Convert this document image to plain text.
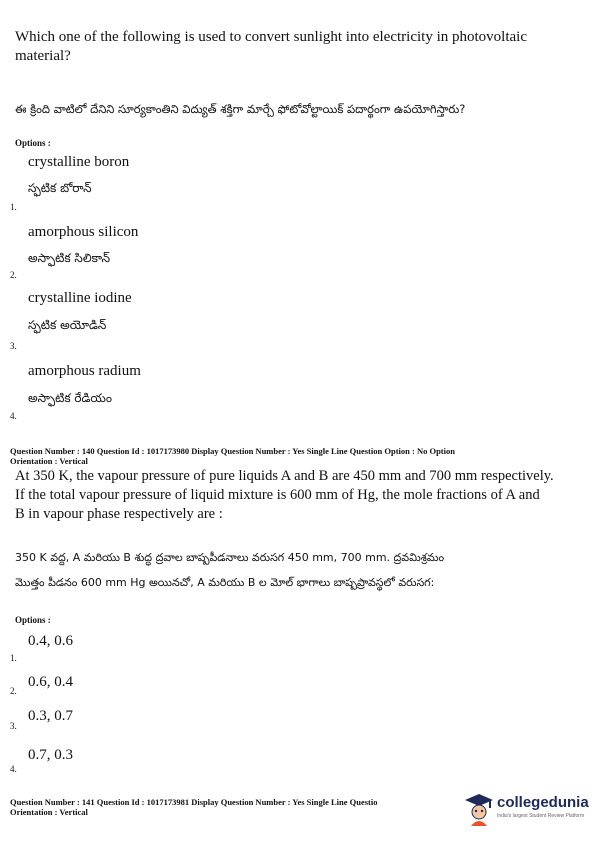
Which one of the following is used to convert sunlight into electricity in photovoltaic material?
ఈ క్రింది వాటిలో దేనిని సూర్యకాంతిని విద్యుత్ శక్తిగా మార్చే ఫోటోవోల్టాయిక్ పదార్థంగా ఉపయోగిస్తారు?
Options :
crystalline boron
స్ఫటిక బోరాన్
1.
amorphous silicon
అస్ఫాటిక సిలికాన్
2.
crystalline iodine
స్ఫటిక అయోడిన్
3.
amorphous radium
అస్ఫాటిక రేడియం
4.
Question Number : 140 Question Id : 1017173980 Display Question Number : Yes Single Line Question Option : No Option
Orientation : Vertical
At 350 K, the vapour pressure of pure liquids A and B are 450 mm and 700 mm respectively.
If the total vapour pressure of liquid mixture is 600 mm of Hg, the mole fractions of A and
B in vapour phase respectively are :
350 K వద్ద, A మరియు B శుద్ధ ద్రవాల బాష్పపీడనాలు వరుసగ 450 mm, 700 mm. ద్రవమిశ్రమం
మొత్తం పీడనం 600 mm Hg అయినచో, A మరియు B ల మోల్ భాగాలు బాష్పప్రావస్థలో వరుసగ:
Options :
0.4, 0.6
1.
0.6, 0.4
2.
0.3, 0.7
3.
0.7, 0.3
4.
Question Number : 141 Question Id : 1017173981 Display Question Number : Yes Single Line Questio
Orientation : Vertical
collegedunia
India's largest Student Review Platform
